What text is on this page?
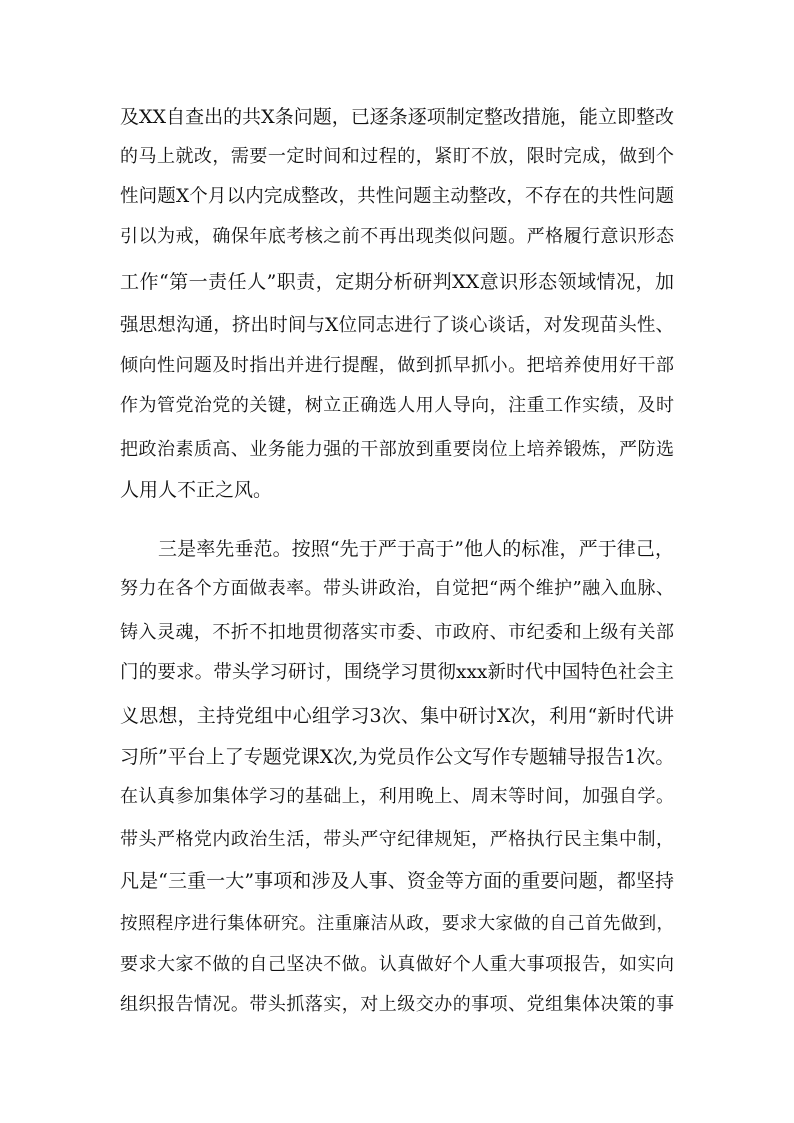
及XX自查出的共X条问题，已逐条逐项制定整改措施，能立即整改
的马上就改，需要一定时间和过程的，紧盯不放，限时完成，做到个
性问题X个月以内完成整改，共性问题主动整改，不存在的共性问题
引以为戒，确保年底考核之前不再出现类似问题。严格履行意识形态
工作“第一责任人”职责，定期分析研判XX意识形态领域情况，加
强思想沟通，挤出时间与X位同志进行了谈心谈话，对发现苗头性、
倾向性问题及时指出并进行提醒，做到抓早抓小。把培养使用好干部
作为管党治党的关键，树立正确选人用人导向，注重工作实绩，及时
把政治素质高、业务能力强的干部放到重要岗位上培养锻炼，严防选
人用人不正之风。
三是率先垂范。按照“先于严于高于”他人的标准，严于律己，
努力在各个方面做表率。带头讲政治，自觉把“两个维护”融入血脉、
铸入灵魂，不折不扣地贯彻落实市委、市政府、市纪委和上级有关部
门的要求。带头学习研讨，围绕学习贯彻xxx新时代中国特色社会主
义思想，主持党组中心组学习3次、集中研讨X次，利用“新时代讲
习所”平台上了专题党课X次,为党员作公文写作专题辅导报告1次。
在认真参加集体学习的基础上，利用晚上、周末等时间，加强自学。
带头严格党内政治生活，带头严守纪律规矩，严格执行民主集中制，
凡是“三重一大”事项和涉及人事、资金等方面的重要问题，都坚持
按照程序进行集体研究。注重廉洁从政，要求大家做的自己首先做到，
要求大家不做的自己坚决不做。认真做好个人重大事项报告，如实向
组织报告情况。带头抓落实，对上级交办的事项、党组集体决策的事
